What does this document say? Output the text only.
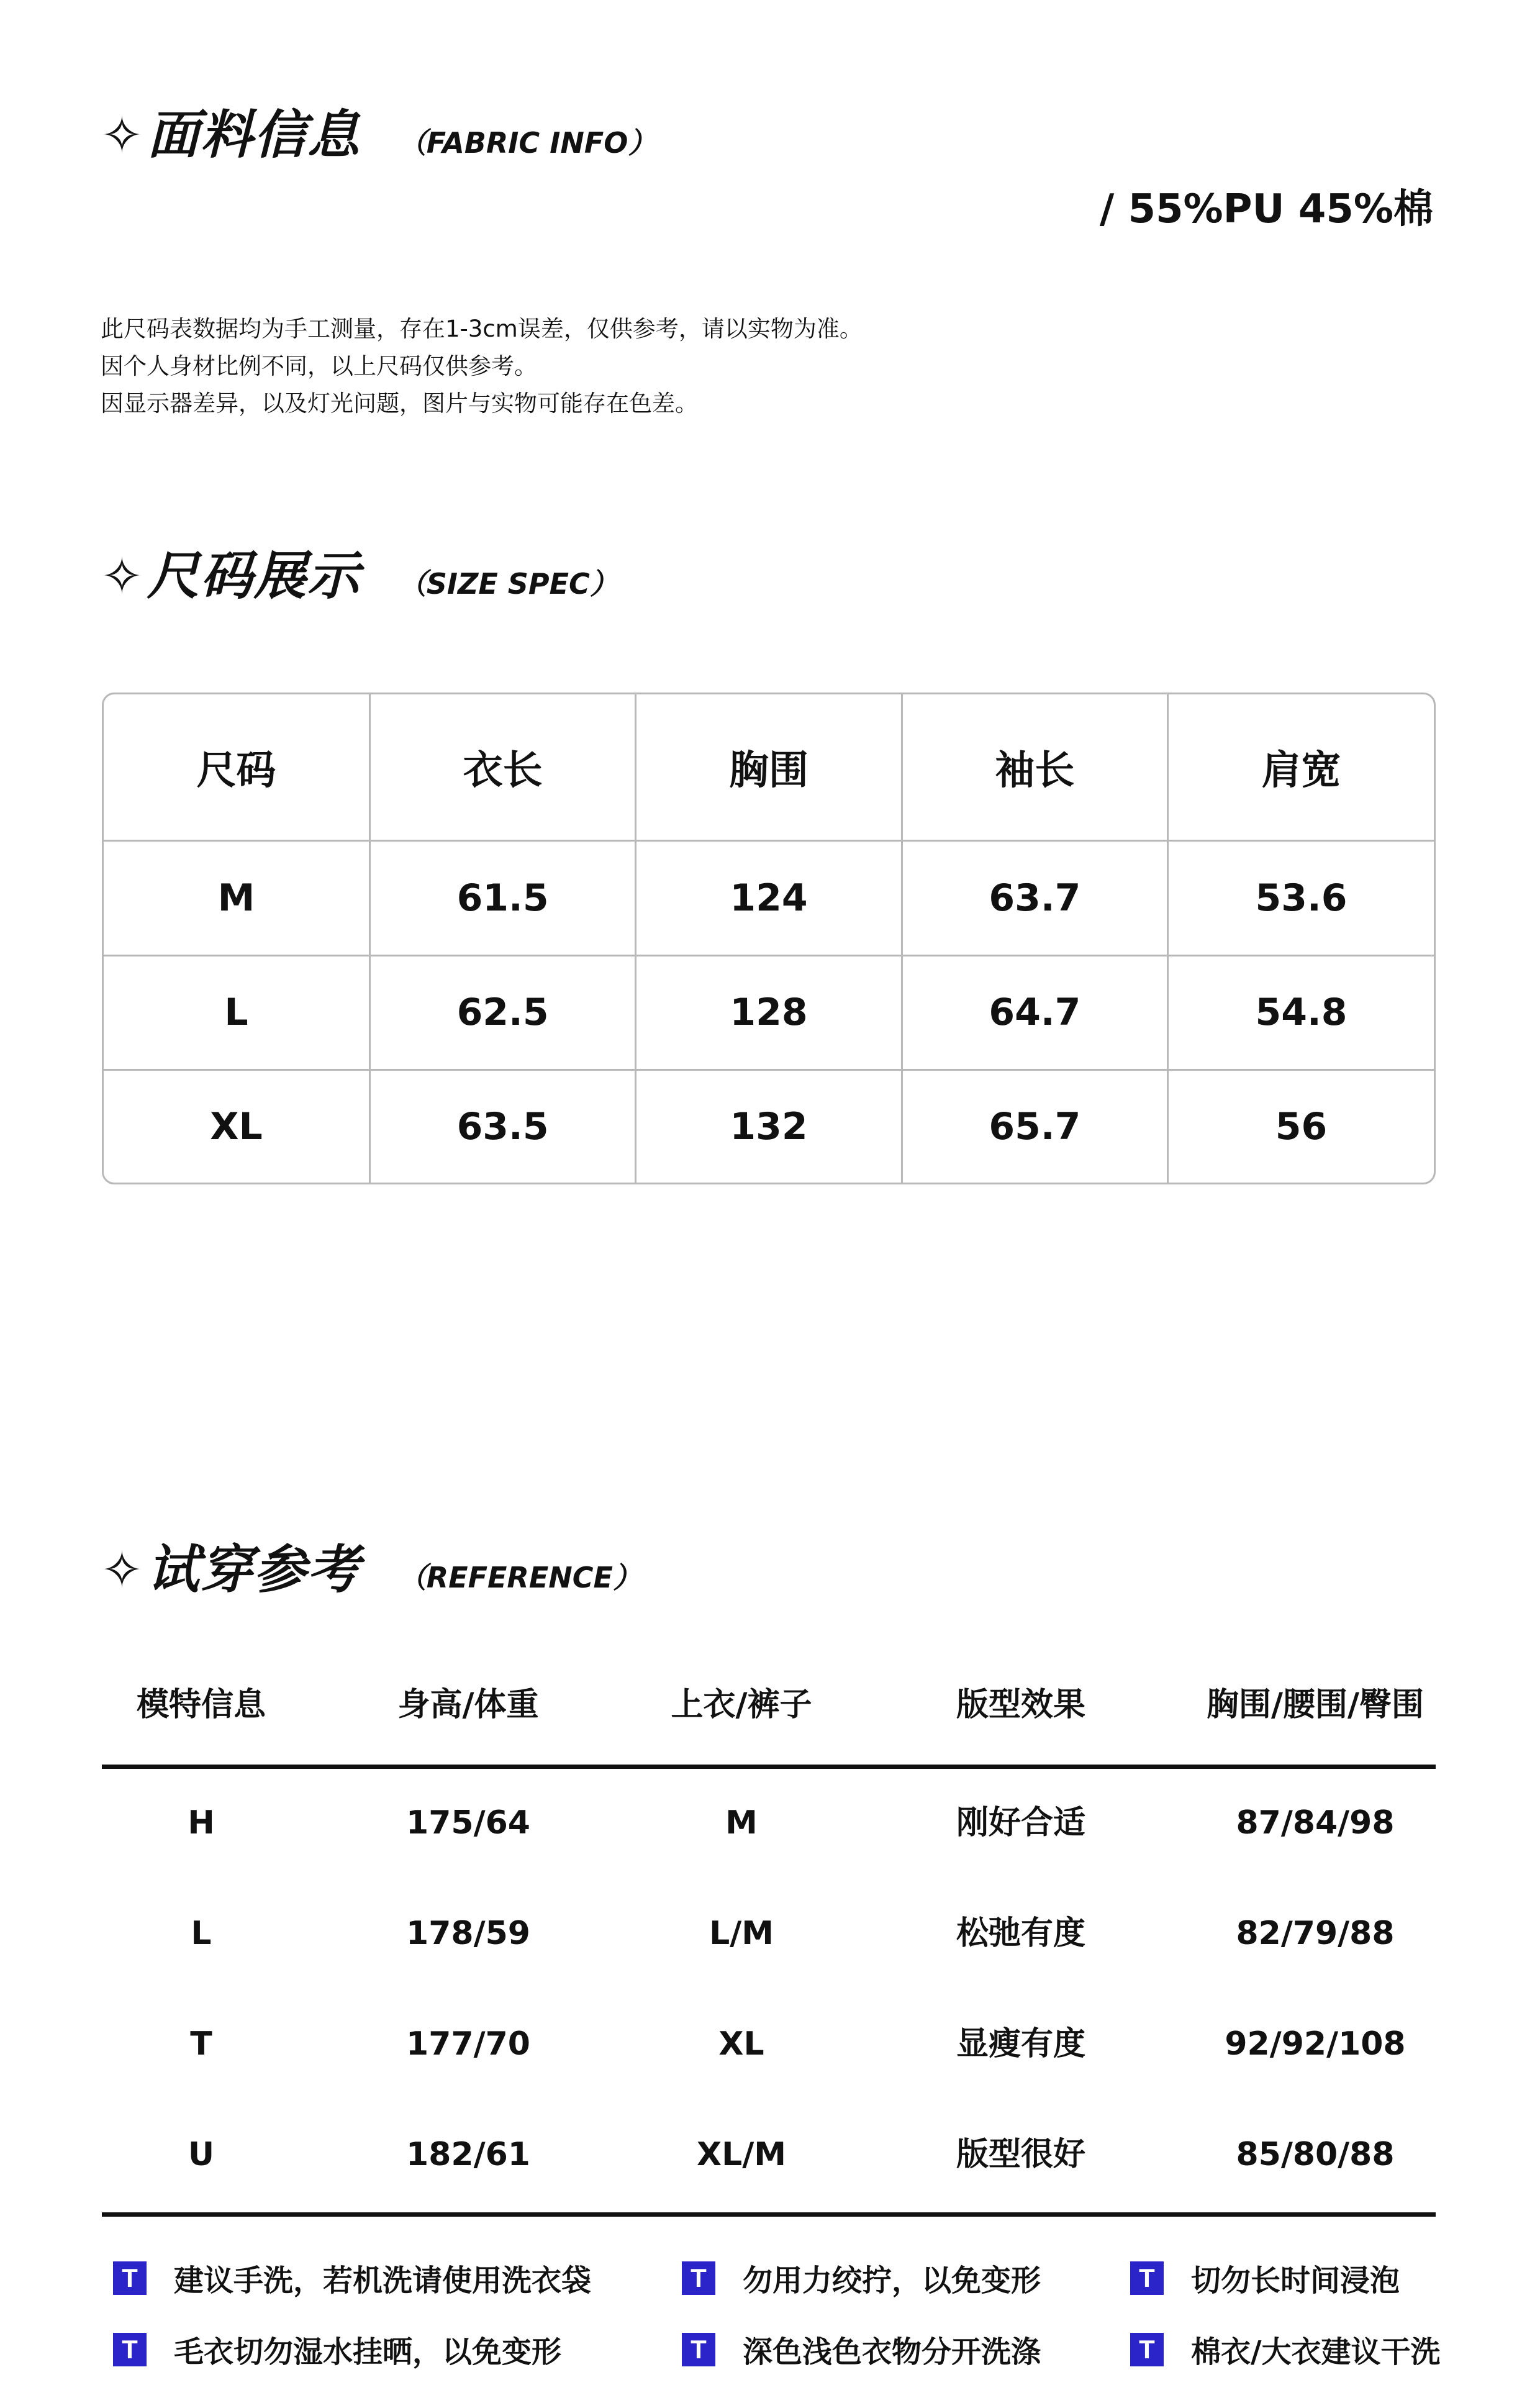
✧ 面料信息 （FABRIC INFO）
/ 55%PU 45%棉
此尺码表数据均为手工测量，存在1-3cm误差，仅供参考，请以实物为准。
因个人身材比例不同，以上尺码仅供参考。
因显示器差异，以及灯光问题，图片与实物可能存在色差。
✧ 尺码展示 （SIZE SPEC）
尺码	衣长	胸围	袖长	肩宽
M	61.5	124	63.7	53.6
L	62.5	128	64.7	54.8
XL	63.5	132	65.7	56
✧ 试穿参考 （REFERENCE）
模特信息	身高/体重	上衣/裤子	版型效果	胸围/腰围/臀围
H	175/64	M	刚好合适	87/84/98
L	178/59	L/M	松弛有度	82/79/88
T	177/70	XL	显瘦有度	92/92/108
U	182/61	XL/M	版型很好	85/80/88
T 建议手洗，若机洗请使用洗衣袋	T 勿用力绞拧，以免变形	T 切勿长时间浸泡
T 毛衣切勿湿水挂晒，以免变形	T 深色浅色衣物分开洗涤	T 棉衣/大衣建议干洗
